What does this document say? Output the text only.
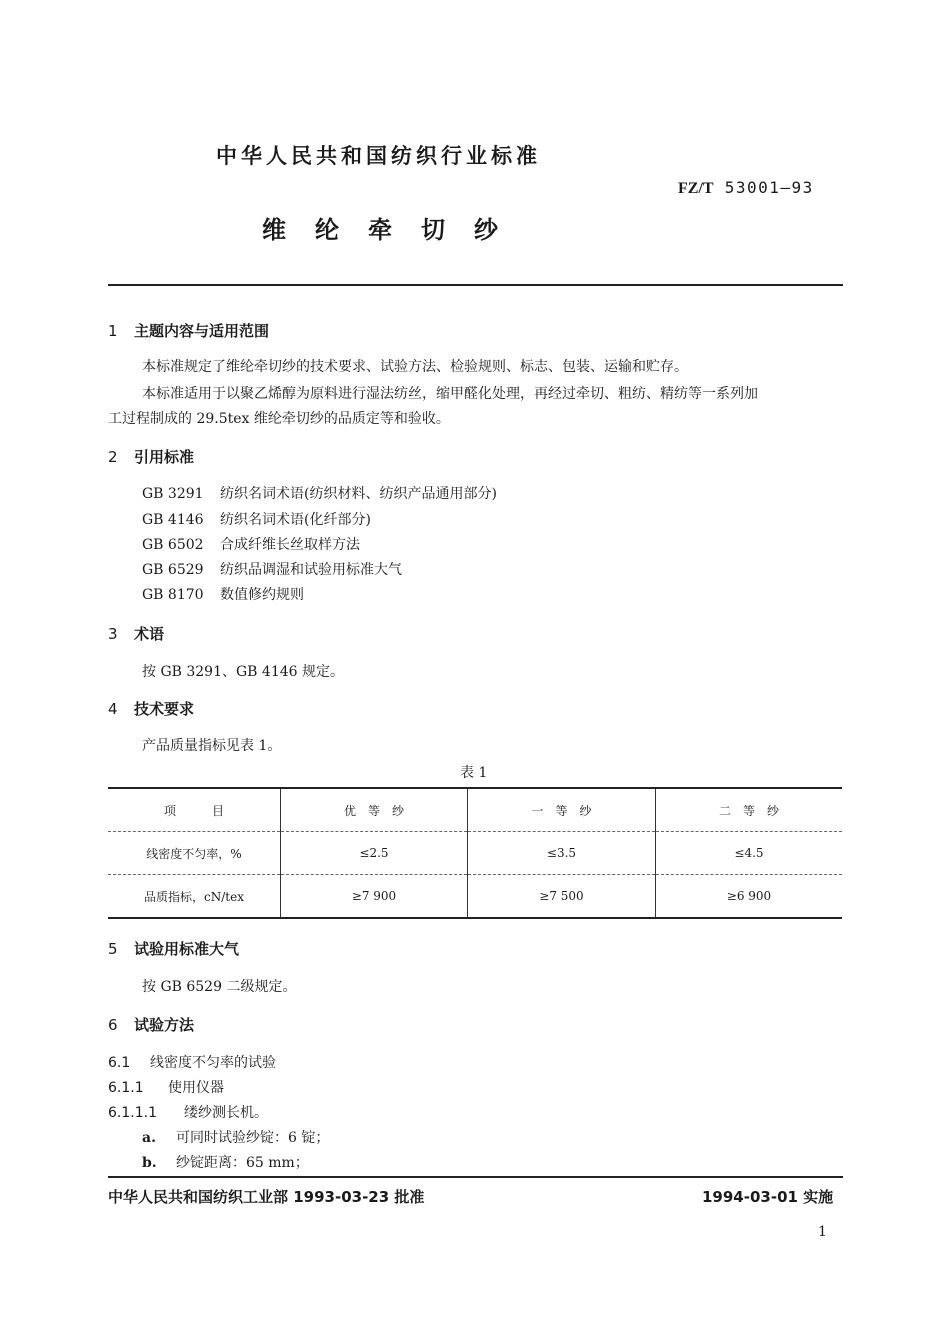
中华人民共和国纺织行业标准
FZ/T 53001—93
维纶牵切纱
1 主题内容与适用范围
本标准规定了维纶牵切纱的技术要求、试验方法、检验规则、标志、包装、运输和贮存。
本标准适用于以聚乙烯醇为原料进行湿法纺丝，缩甲醛化处理，再经过牵切、粗纺、精纺等一系列加
工过程制成的 29.5tex 维纶牵切纱的品质定等和验收。
2 引用标准
GB 3291 纺织名词术语(纺织材料、纺织产品通用部分)
GB 4146 纺织名词术语(化纤部分)
GB 6502 合成纤维长丝取样方法
GB 6529 纺织品调湿和试验用标准大气
GB 8170 数值修约规则
3 术语
按 GB 3291、GB 4146 规定。
4 技术要求
产品质量指标见表 1。
表 1
项　　　目	优　等　纱	一　等　纱	二　等　纱
线密度不匀率，%	≤2.5	≤3.5	≤4.5
品质指标，cN/tex	≥7 900	≥7 500	≥6 900
5 试验用标准大气
按 GB 6529 二级规定。
6 试验方法
6.1 线密度不匀率的试验
6.1.1 使用仪器
6.1.1.1 缕纱测长机。
a. 可同时试验纱锭：6 锭；
b. 纱锭距离：65 mm；
中华人民共和国纺织工业部 1993-03-23 批准	1994-03-01 实施
1
